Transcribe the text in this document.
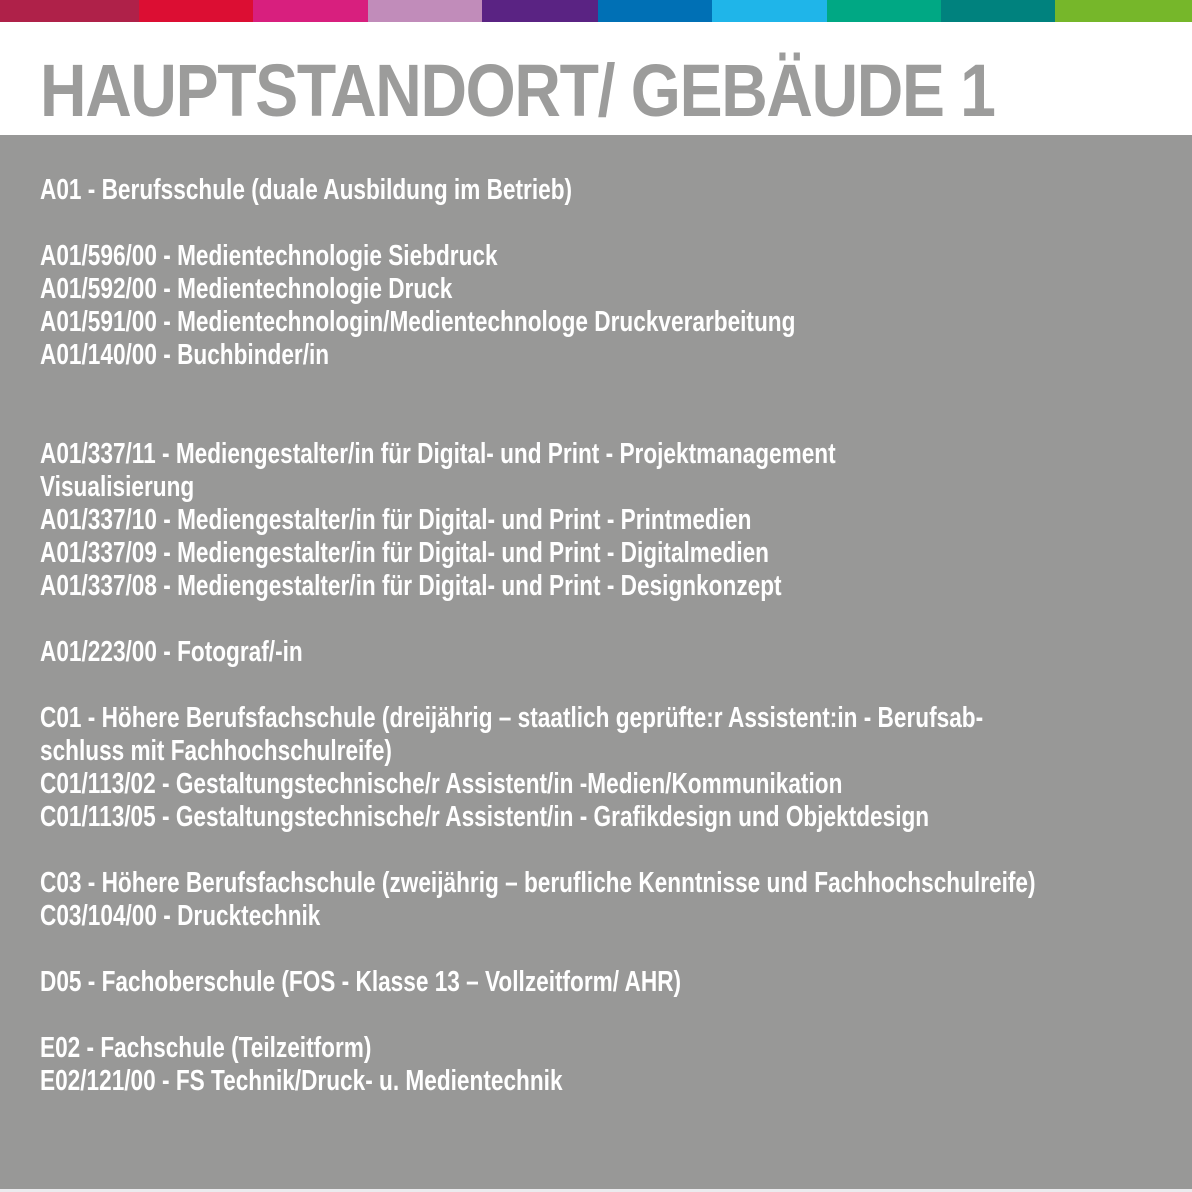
HAUPTSTANDORT/ GEBÄUDE 1
A01 - Berufsschule (duale Ausbildung im Betrieb)
A01/596/00 - Medientechnologie Siebdruck
A01/592/00 - Medientechnologie Druck
A01/591/00 - Medientechnologin/Medientechnologe Druckverarbeitung
A01/140/00 - Buchbinder/in
A01/337/11 - Mediengestalter/in für Digital- und Print - Projektmanagement
Visualisierung
A01/337/10 - Mediengestalter/in für Digital- und Print - Printmedien
A01/337/09 - Mediengestalter/in für Digital- und Print - Digitalmedien
A01/337/08 - Mediengestalter/in für Digital- und Print - Designkonzept
A01/223/00 - Fotograf/-in
C01 - Höhere Berufsfachschule (dreijährig – staatlich geprüfte:r Assistent:in - Berufsab-
schluss mit Fachhochschulreife)
C01/113/02 - Gestaltungstechnische/r Assistent/in -Medien/Kommunikation
C01/113/05 - Gestaltungstechnische/r Assistent/in - Grafikdesign und Objektdesign
C03 - Höhere Berufsfachschule (zweijährig – berufliche Kenntnisse und Fachhochschulreife)
C03/104/00 - Drucktechnik
D05 - Fachoberschule (FOS - Klasse 13 – Vollzeitform/ AHR)
E02 - Fachschule (Teilzeitform)
E02/121/00 - FS Technik/Druck- u. Medientechnik
